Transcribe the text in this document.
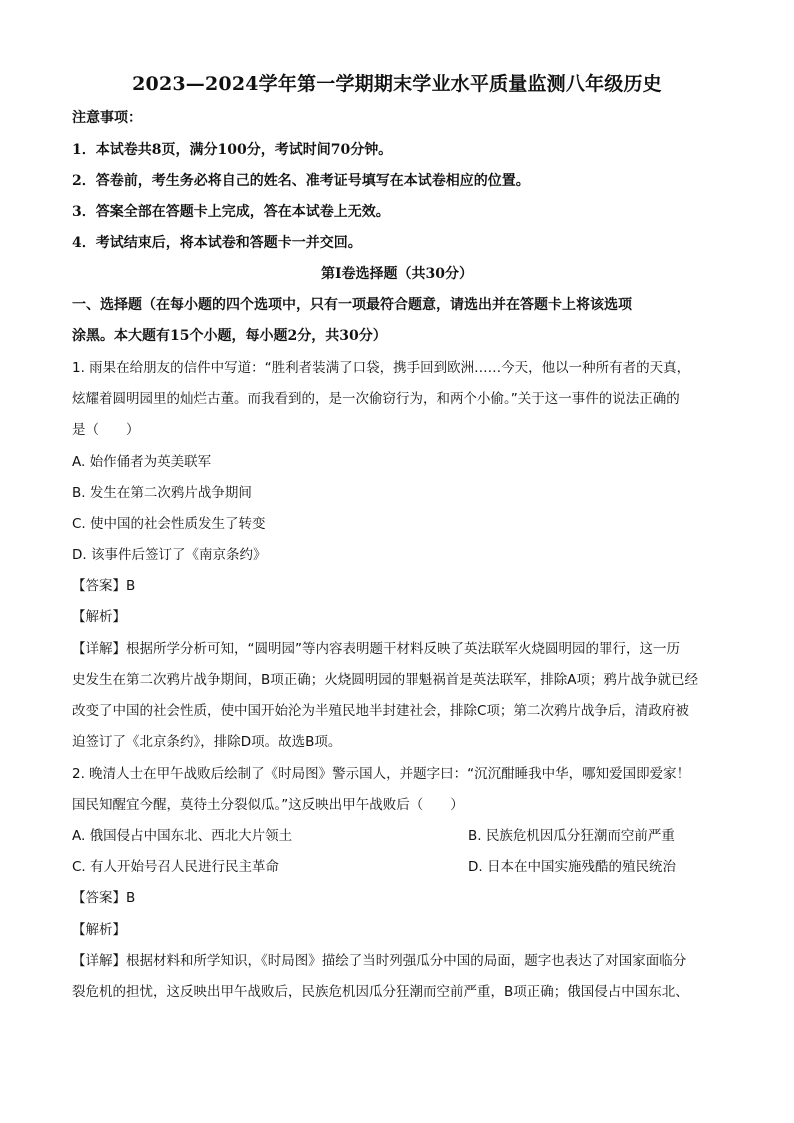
2023—2024学年第一学期期末学业水平质量监测八年级历史
注意事项：
1．本试卷共8页，满分100分，考试时间70分钟。
2．答卷前，考生务必将自己的姓名、准考证号填写在本试卷相应的位置。
3．答案全部在答题卡上完成，答在本试卷上无效。
4．考试结束后，将本试卷和答题卡一并交回。
第Ⅰ卷选择题（共30分）
一、选择题（在每小题的四个选项中，只有一项最符合题意，请选出并在答题卡上将该选项
涂黑。本大题有15个小题，每小题2分，共30分）
1. 雨果在给朋友的信件中写道：“胜利者装满了口袋，携手回到欧洲……今天，他以一种所有者的天真，
炫耀着圆明园里的灿烂古董。而我看到的，是一次偷窃行为，和两个小偷。”关于这一事件的说法正确的
是（　　）
A. 始作俑者为英美联军
B. 发生在第二次鸦片战争期间
C. 使中国的社会性质发生了转变
D. 该事件后签订了《南京条约》
【答案】B
【解析】
【详解】根据所学分析可知，“圆明园”等内容表明题干材料反映了英法联军火烧圆明园的罪行，这一历
史发生在第二次鸦片战争期间，B项正确；火烧圆明园的罪魁祸首是英法联军，排除A项；鸦片战争就已经
改变了中国的社会性质，使中国开始沦为半殖民地半封建社会，排除C项；第二次鸦片战争后，清政府被
迫签订了《北京条约》，排除D项。故选B项。
2. 晚清人士在甲午战败后绘制了《时局图》警示国人，并题字曰：“沉沉酣睡我中华，哪知爱国即爱家！
国民知醒宜今醒，莫待土分裂似瓜。”这反映出甲午战败后（　　）
A. 俄国侵占中国东北、西北大片领土	B. 民族危机因瓜分狂潮而空前严重
C. 有人开始号召人民进行民主革命	D. 日本在中国实施残酷的殖民统治
【答案】B
【解析】
【详解】根据材料和所学知识，《时局图》描绘了当时列强瓜分中国的局面，题字也表达了对国家面临分
裂危机的担忧，这反映出甲午战败后，民族危机因瓜分狂潮而空前严重，B项正确；俄国侵占中国东北、
